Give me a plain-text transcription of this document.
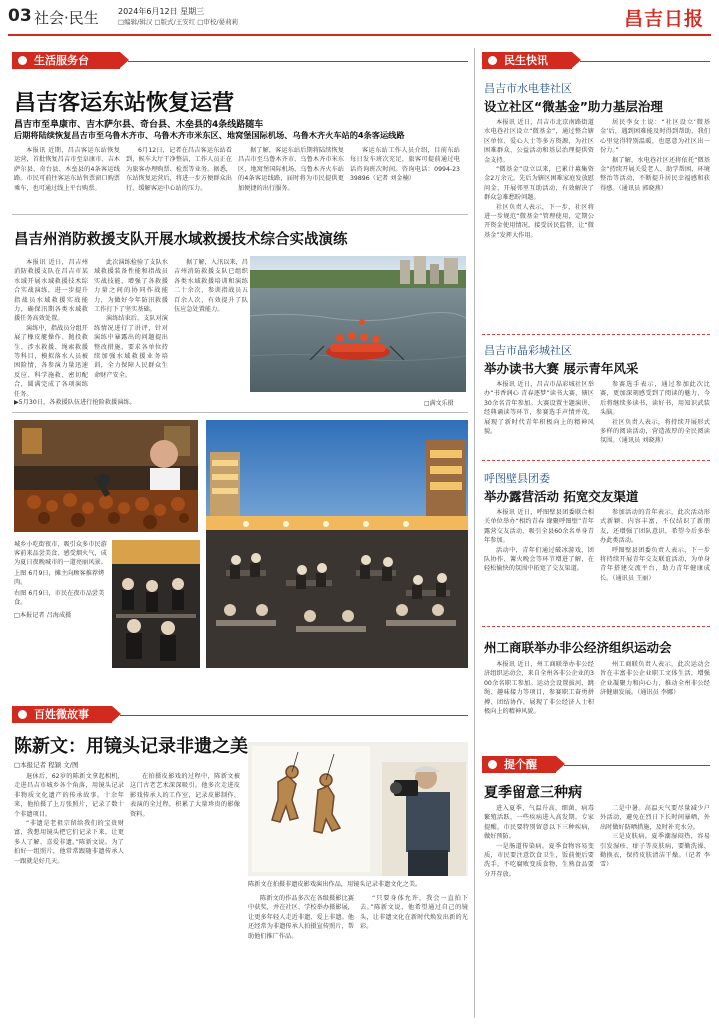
03 社会·民生 2024年6月12日 星期三
□编辑/辑汉 □版式/王安红 □审校/晏莉莉	昌吉日报
生活服务台
昌吉客运东站恢复运营
昌吉市至阜康市、吉木萨尔县、奇台县、木垒县的4条线路随车
后期将陆续恢复昌吉市至乌鲁木齐市、乌鲁木齐市米东区、地窝堡国际机场、乌鲁木齐火车站的4条客运线路

本报讯 近期，昌吉客运东站恢复运营，首批恢复昌吉市至阜康市、吉木萨尔县、奇台县、木垒县的4条客运线路。市民可前往客运东站售票窗口购票乘车，也可通过线上平台购票。

6月12日，记者在昌吉客运东站看到，候车大厅干净整洁，工作人员正在为旅客办理购票、检票等业务。据悉，东站恢复运营后，将进一步方便群众出行，缓解客运中心站的压力。

据了解，客运东站后期将陆续恢复昌吉市至乌鲁木齐市、乌鲁木齐市米东区、地窝堡国际机场、乌鲁木齐火车站的4条客运线路，届时将为市民提供更加便捷的出行服务。

客运东站工作人员介绍，目前东站每日发车班次充足，旅客可提前通过电话咨询班次时间。咨询电话：0994-2339896（记者 刘金楠）

昌吉州消防救援支队开展水域救援技术综合实战演练

本报讯 近日，昌吉州消防救援支队在昌吉市某水域开展水域救援技术综合实战演练，进一步提升指战员水域救援实战能力，确保汛期各类水域救援任务高效处置。

演练中，指战员分组开展了橡皮艇操作、抛投救生、涉水救援、绳索救援等科目，模拟落水人员被困险情，各参演力量迅速反应、科学施救、密切配合，圆满完成了各项演练任务。

此次演练检验了支队水域救援装备性能和指战员实战技能，增强了各救援力量之间的协同作战能力，为做好今年防汛救援工作打下了坚实基础。

演练结束后，支队对演练情况进行了讲评，针对演练中暴露出的问题提出整改措施，要求各单位持续加强水域救援业务培训，全力保障人民群众生命财产安全。

据了解，入汛以来，昌吉州消防救援支队已组织各类水域救援培训和演练二十余次，参训指战员五百余人次，有效提升了队伍应急处置能力。

▶5月30日，各救援队伍进行抢险救援演练。	□满文乐摄
城乡小吃街夜市，吸引众多市民游客前来品尝美食、感受烟火气，成为夏日夜晚城市的一道亮丽风景。
上图 6月9日，摊主向顾客推荐烤肉。
右图 6月9日，市民在夜市品尝美食。
□本报记者 吕海成摄
百姓微故事
陈新文：用镜头记录非遗之美
□本报记者 程颖 文/图

退休后，62岁的陈新文拿起相机，走进昌吉市城乡各个角落，用镜头记录非物质文化遗产的传承故事。十余年来，他拍摄了上万张照片，记录了数十个非遗项目。

“非遗是老祖宗留给我们的宝贵财富，我想用镜头把它们记录下来，让更多人了解、喜爱非遗。”陈新文说。为了拍好一组照片，他常常跟随非遗传承人一跟就是好几天。

在拍摄皮影戏的过程中，陈新文被这门古老艺术深深吸引。他多次走进皮影戏传承人的工作室，记录皮影制作、表演的全过程，积累了大量珍贵的影像资料。

陈新文在拍摄非遗皮影戏演出作品，用镜头记录非遗文化之美。

陈新文的作品多次在各级摄影比赛中获奖，并在社区、学校举办摄影展，让更多年轻人走近非遗、爱上非遗。他还经常为非遗传承人拍摄宣传照片，帮助他们推广作品。

“只要身体允许，我会一直拍下去。”陈新文说，他希望通过自己的镜头，让非遗文化在新时代焕发出新的光彩。

民生快讯
昌吉市水电巷社区
设立社区“微基金”助力基层治理

本报讯 近日，昌吉市北京南路街道水电巷社区设立“微基金”，通过整合辖区单位、爱心人士等多方资源，为社区困难群众、公益活动和基层治理提供资金支持。

“微基金”设立以来，已累计募集资金2万余元，先后为辖区困难家庭发放慰问金、开展邻里互助活动，有效解决了群众急难愁盼问题。

社区负责人表示，下一步，社区将进一步规范“微基金”管理使用，定期公开资金使用情况，接受居民监督，让“微基金”发挥大作用。

居民李女士说：“社区设立‘微基金’后，遇到困难能及时得到帮助，我们心里觉得特别温暖，也愿意为社区出一份力。”

据了解，水电巷社区还将依托“微基金”持续开展关爱老人、助学帮困、环境整治等活动，不断提升居民幸福感和获得感。（通讯员 郭晓燕）

昌吉市晶彩城社区
举办读书大赛 展示青年风采

本报讯 近日，昌吉市晶彩城社区举办“书香润心 青春逐梦”读书大赛，辖区30余名青年参加。大赛设置主题演讲、经典诵读等环节，参赛选手声情并茂，展现了新时代青年积极向上的精神风貌。

参赛选手表示，通过参加此次比赛，更加深刻感受到了阅读的魅力，今后将继续多读书、读好书，用知识武装头脑。

社区负责人表示，将持续开展形式多样的阅读活动，营造浓厚的全民阅读氛围。（通讯员 刘晓燕）

呼图壁县团委
举办露营活动 拓宽交友渠道

本报讯 近日，呼图壁县团委联合相关单位举办“相约青春 缘聚呼图壁”青年露营交友活动，吸引全县60余名单身青年参加。

活动中，青年们通过破冰游戏、团队协作、篝火晚会等环节增进了解，在轻松愉快的氛围中拓宽了交友渠道。

参加活动的青年表示，此次活动形式新颖、内容丰富，不仅结识了新朋友，还增强了团队意识，希望今后多举办此类活动。

呼图壁县团委负责人表示，下一步将持续开展青年交友联谊活动，为单身青年搭建交流平台，助力青年健康成长。（通讯员 王丽）

州工商联举办非公经济组织运动会

本报讯 近日，州工商联举办非公经济组织运动会，来自全州各非公企业的300余名职工参加。运动会设置拔河、跳绳、趣味接力等项目，参赛职工奋勇拼搏、团结协作，展现了非公经济人士积极向上的精神风貌。

州工商联负责人表示，此次运动会旨在丰富非公企业职工文体生活，增强企业凝聚力和向心力，推动全州非公经济健康发展。（通讯员 李娜）

提个醒
夏季留意三种病

进入夏季，气温升高，细菌、病毒繁殖活跃，一些疾病进入高发期。专家提醒，市民要特别留意以下三种疾病，做好预防。

一是肠道传染病。夏季食物容易变质，市民要注意饮食卫生，饭前便后要洗手，不吃腐败变质食物，生熟食品要分开存放。

二是中暑。高温天气要尽量减少户外活动，避免在烈日下长时间暴晒，外出时做好防晒措施，及时补充水分。

三是皮肤病。夏季潮湿闷热，容易引发湿疹、痱子等皮肤病，要勤洗澡、勤换衣，保持皮肤清洁干燥。（记者 李雪）
